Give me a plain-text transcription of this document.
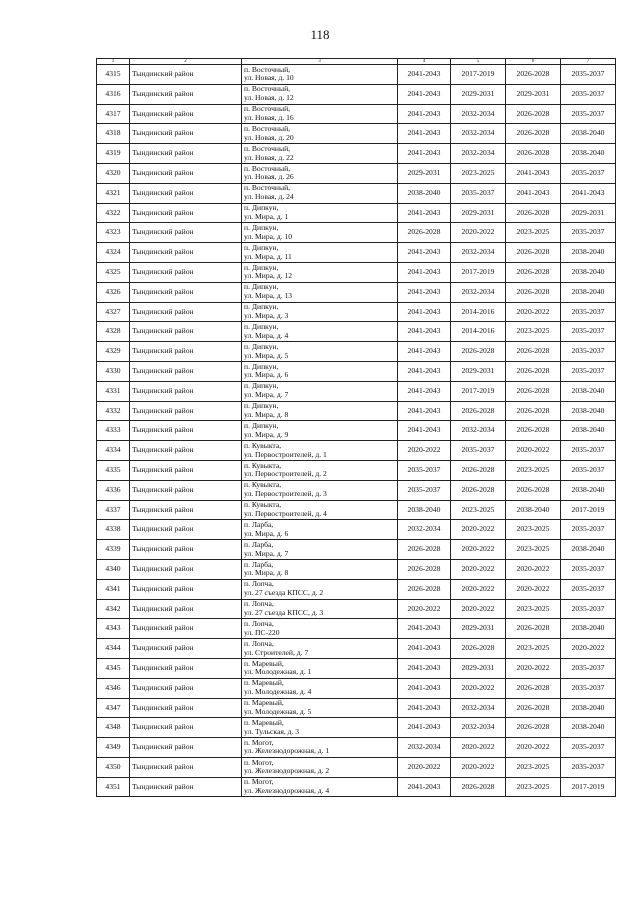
118
1	2	3	4	5	6	7
4315	Тындинский район	п. Восточный,
ул. Новая, д. 10	2041-2043	2017-2019	2026-2028	2035-2037
4316	Тындинский район	п. Восточный,
ул. Новая, д. 12	2041-2043	2029-2031	2029-2031	2035-2037
4317	Тындинский район	п. Восточный,
ул. Новая, д. 16	2041-2043	2032-2034	2026-2028	2035-2037
4318	Тындинский район	п. Восточный,
ул. Новая, д. 20	2041-2043	2032-2034	2026-2028	2038-2040
4319	Тындинский район	п. Восточный,
ул. Новая, д. 22	2041-2043	2032-2034	2026-2028	2038-2040
4320	Тындинский район	п. Восточный,
ул. Новая, д. 26	2029-2031	2023-2025	2041-2043	2035-2037
4321	Тындинский район	п. Восточный,
ул. Новая, д. 24	2038-2040	2035-2037	2041-2043	2041-2043
4322	Тындинский район	п. Дипкун,
ул. Мира, д. 1	2041-2043	2029-2031	2026-2028	2029-2031
4323	Тындинский район	п. Дипкун,
ул. Мира, д. 10	2026-2028	2020-2022	2023-2025	2035-2037
4324	Тындинский район	п. Дипкун,
ул. Мира, д. 11	2041-2043	2032-2034	2026-2028	2038-2040
4325	Тындинский район	п. Дипкун,
ул. Мира, д. 12	2041-2043	2017-2019	2026-2028	2038-2040
4326	Тындинский район	п. Дипкун,
ул. Мира, д. 13	2041-2043	2032-2034	2026-2028	2038-2040
4327	Тындинский район	п. Дипкун,
ул. Мира, д. 3	2041-2043	2014-2016	2020-2022	2035-2037
4328	Тындинский район	п. Дипкун,
ул. Мира, д. 4	2041-2043	2014-2016	2023-2025	2035-2037
4329	Тындинский район	п. Дипкун,
ул. Мира, д. 5	2041-2043	2026-2028	2026-2028	2035-2037
4330	Тындинский район	п. Дипкун,
ул. Мира, д. 6	2041-2043	2029-2031	2026-2028	2035-2037
4331	Тындинский район	п. Дипкун,
ул. Мира, д. 7	2041-2043	2017-2019	2026-2028	2038-2040
4332	Тындинский район	п. Дипкун,
ул. Мира, д. 8	2041-2043	2026-2028	2026-2028	2038-2040
4333	Тындинский район	п. Дипкун,
ул. Мира, д. 9	2041-2043	2032-2034	2026-2028	2038-2040
4334	Тындинский район	п. Кувыкта,
ул. Первостроителей, д. 1	2020-2022	2035-2037	2020-2022	2035-2037
4335	Тындинский район	п. Кувыкта,
ул. Первостроителей, д. 2	2035-2037	2026-2028	2023-2025	2035-2037
4336	Тындинский район	п. Кувыкта,
ул. Первостроителей, д. 3	2035-2037	2026-2028	2026-2028	2038-2040
4337	Тындинский район	п. Кувыкта,
ул. Первостроителей, д. 4	2038-2040	2023-2025	2038-2040	2017-2019
4338	Тындинский район	п. Ларба,
ул. Мира, д. 6	2032-2034	2020-2022	2023-2025	2035-2037
4339	Тындинский район	п. Ларба,
ул. Мира, д. 7	2026-2028	2020-2022	2023-2025	2038-2040
4340	Тындинский район	п. Ларба,
ул. Мира, д. 8	2026-2028	2020-2022	2020-2022	2035-2037
4341	Тындинский район	п. Лопча,
ул. 27 съезда КПСС, д. 2	2026-2028	2020-2022	2020-2022	2035-2037
4342	Тындинский район	п. Лопча,
ул. 27 съезда КПСС, д. 3	2020-2022	2020-2022	2023-2025	2035-2037
4343	Тындинский район	п. Лопча,
ул. ПС-220	2041-2043	2029-2031	2026-2028	2038-2040
4344	Тындинский район	п. Лопча,
ул. Строителей, д. 7	2041-2043	2026-2028	2023-2025	2020-2022
4345	Тындинский район	п. Маревый,
ул. Молодежная, д. 1	2041-2043	2029-2031	2020-2022	2035-2037
4346	Тындинский район	п. Маревый,
ул. Молодежная, д. 4	2041-2043	2020-2022	2026-2028	2035-2037
4347	Тындинский район	п. Маревый,
ул. Молодежная, д. 5	2041-2043	2032-2034	2026-2028	2038-2040
4348	Тындинский район	п. Маревый,
ул. Тульская, д. 3	2041-2043	2032-2034	2026-2028	2038-2040
4349	Тындинский район	п. Могот,
ул. Железнодорожная, д. 1	2032-2034	2020-2022	2020-2022	2035-2037
4350	Тындинский район	п. Могот,
ул. Железнодорожная, д. 2	2020-2022	2020-2022	2023-2025	2035-2037
4351	Тындинский район	п. Могот,
ул. Железнодорожная, д. 4	2041-2043	2026-2028	2023-2025	2017-2019
